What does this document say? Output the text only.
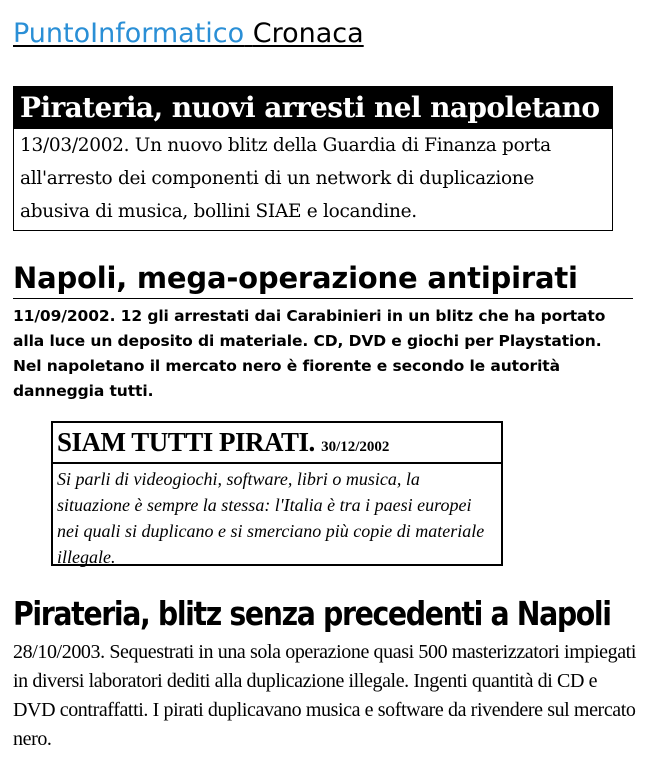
PuntoInformatico Cronaca
Pirateria, nuovi arresti nel napoletano
13/03/2002. Un nuovo blitz della Guardia di Finanza porta all'arresto dei componenti di un network di duplicazione abusiva di musica, bollini SIAE e locandine.
Napoli, mega-operazione antipirati
11/09/2002. 12 gli arrestati dai Carabinieri in un blitz che ha portato alla luce un deposito di materiale. CD, DVD e giochi per Playstation. Nel napoletano il mercato nero è fiorente e secondo le autorità danneggia tutti.
SIAM TUTTI PIRATI. 30/12/2002
Si parli di videogiochi, software, libri o musica, la situazione è sempre la stessa: l'Italia è tra i paesi europei nei quali si duplicano e si smerciano più copie di materiale illegale.
Pirateria, blitz senza precedenti a Napoli
28/10/2003. Sequestrati in una sola operazione quasi 500 masterizzatori impiegati in diversi laboratori dediti alla duplicazione illegale. Ingenti quantità di CD e DVD contraffatti. I pirati duplicavano musica e software da rivendere sul mercato nero.
